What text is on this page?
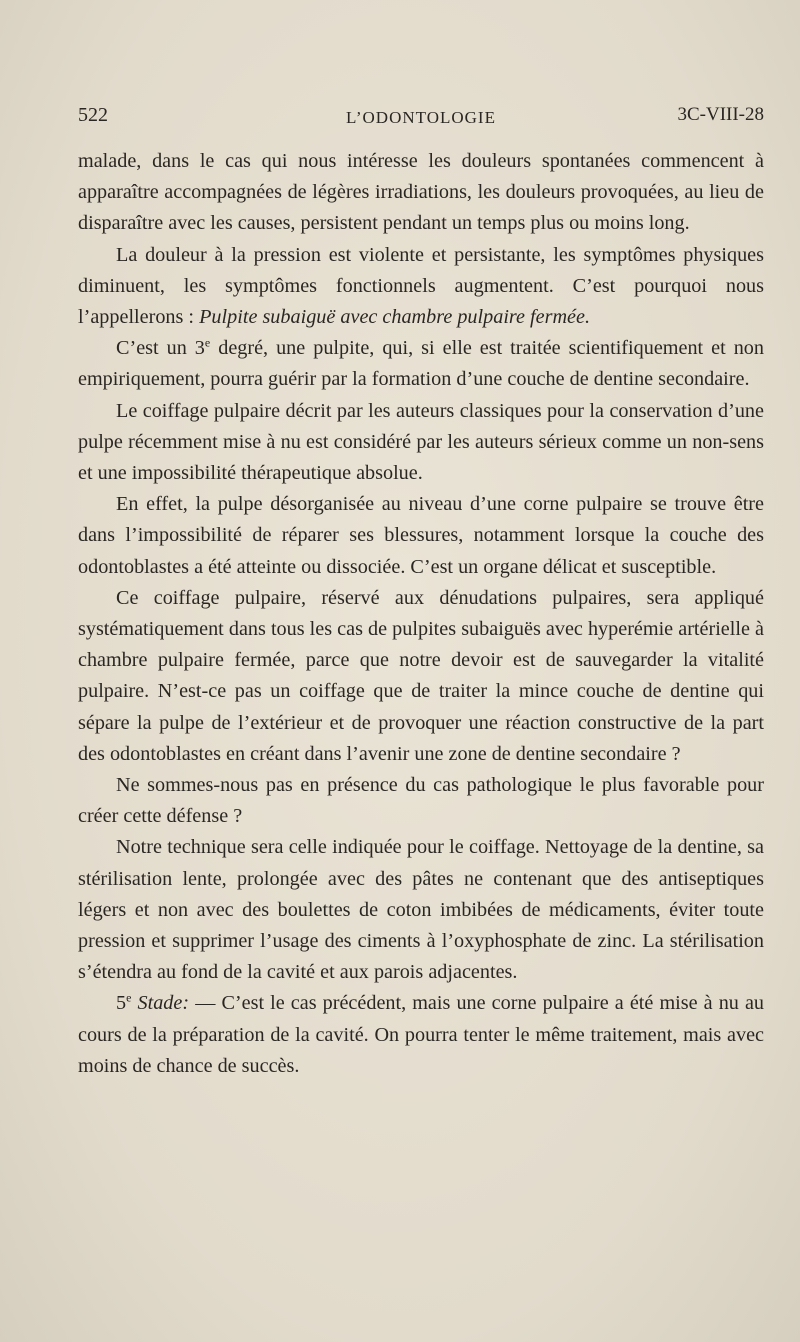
522	L’ODONTOLOGIE	3C-VIII-28

malade, dans le cas qui nous intéresse les douleurs spontanées commencent à apparaître accompagnées de légères irradiations, les douleurs provoquées, au lieu de disparaître avec les causes, persistent pendant un temps plus ou moins long.

La douleur à la pression est violente et persistante, les symptômes physiques diminuent, les symptômes fonctionnels augmentent. C’est pourquoi nous l’appellerons : Pulpite subaiguë avec chambre pulpaire fermée.

C’est un 3e degré, une pulpite, qui, si elle est traitée scientifiquement et non empiriquement, pourra guérir par la formation d’une couche de dentine secondaire.

Le coiffage pulpaire décrit par les auteurs classiques pour la conservation d’une pulpe récemment mise à nu est considéré par les auteurs sérieux comme un non-sens et une impossibilité thérapeutique absolue.

En effet, la pulpe désorganisée au niveau d’une corne pulpaire se trouve être dans l’impossibilité de réparer ses blessures, notamment lorsque la couche des odontoblastes a été atteinte ou dissociée. C’est un organe délicat et susceptible.

Ce coiffage pulpaire, réservé aux dénudations pulpaires, sera appliqué systématiquement dans tous les cas de pulpites subaiguës avec hyperémie artérielle à chambre pulpaire fermée, parce que notre devoir est de sauvegarder la vitalité pulpaire. N’est-ce pas un coiffage que de traiter la mince couche de dentine qui sépare la pulpe de l’extérieur et de provoquer une réaction constructive de la part des odontoblastes en créant dans l’avenir une zone de dentine secondaire ?

Ne sommes-nous pas en présence du cas pathologique le plus favorable pour créer cette défense ?

Notre technique sera celle indiquée pour le coiffage. Nettoyage de la dentine, sa stérilisation lente, prolongée avec des pâtes ne contenant que des antiseptiques légers et non avec des boulettes de coton imbibées de médicaments, éviter toute pression et supprimer l’usage des ciments à l’oxyphosphate de zinc. La stérilisation s’étendra au fond de la cavité et aux parois adjacentes.

5e Stade: — C’est le cas précédent, mais une corne pulpaire a été mise à nu au cours de la préparation de la cavité. On pourra tenter le même traitement, mais avec moins de chance de succès.
